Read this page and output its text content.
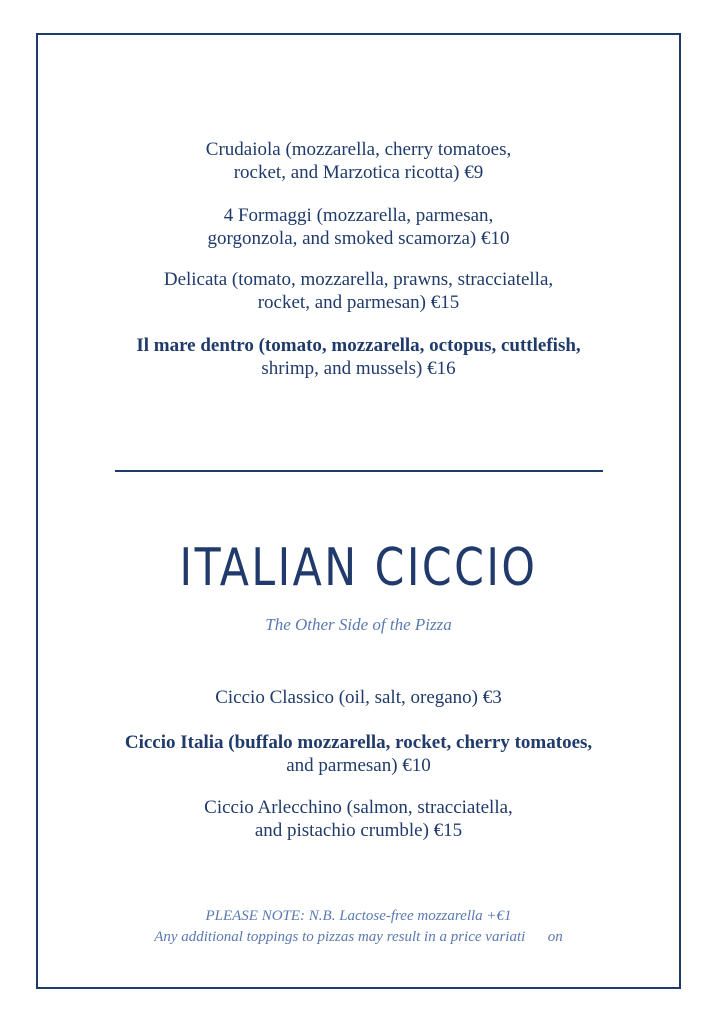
Crudaiola (mozzarella, cherry tomatoes,
rocket, and Marzotica ricotta) €9

4 Formaggi (mozzarella, parmesan,
gorgonzola, and smoked scamorza) €10

Delicata (tomato, mozzarella, prawns, stracciatella,
rocket, and parmesan) €15

Il mare dentro (tomato, mozzarella, octopus, cuttlefish,
shrimp, and mussels) €16

ITALIAN CICCIO
The Other Side of the Pizza

Ciccio Classico (oil, salt, oregano) €3

Ciccio Italia (buffalo mozzarella, rocket, cherry tomatoes,
and parmesan) €10

Ciccio Arlecchino (salmon, stracciatella,
and pistachio crumble) €15

PLEASE NOTE: N.B. Lactose-free mozzarella +€1
Any additional toppings to pizzas may result in a price variati      on
